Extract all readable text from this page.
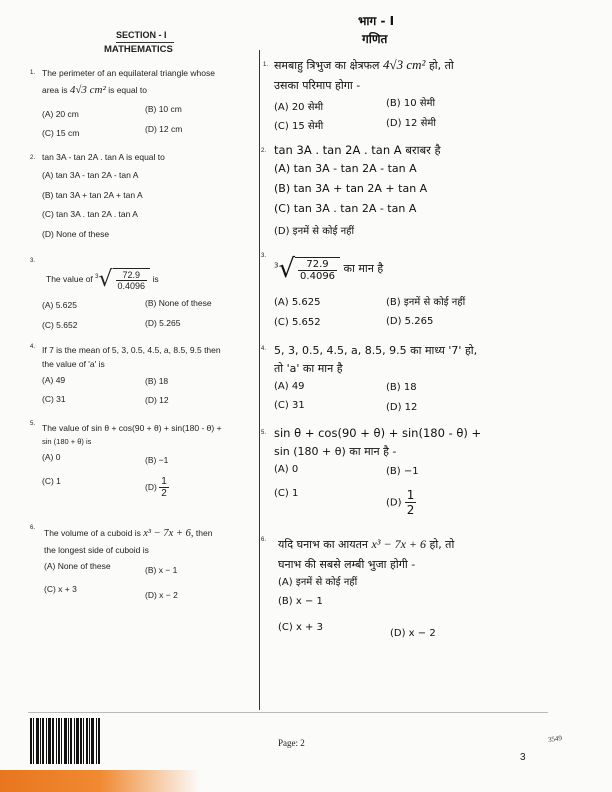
SECTION - I
MATHEMATICS
भाग - I
गणित
1. The perimeter of an equilateral triangle whose
area is 4√3 cm² is equal to
(A) 20 cm	(B) 10 cm
(C) 15 cm	(D) 12 cm
1. समबाहु त्रिभुज का क्षेत्रफल 4√3 cm² हो, तो
उसका परिमाप होगा -
(A) 20 सेमी	(B) 10 सेमी
(C) 15 सेमी	(D) 12 सेमी
2. tan 3A - tan 2A . tan A is equal to
(A) tan 3A - tan 2A - tan A
(B) tan 3A + tan 2A + tan A
(C) tan 3A . tan 2A . tan A
(D) None of these
2. tan 3A . tan 2A . tan A बराबर है
(A) tan 3A - tan 2A - tan A
(B) tan 3A + tan 2A + tan A
(C) tan 3A . tan 2A - tan A
(D) इनमें से कोई नहीं
3.
The value of $^3$ √ $\frac{72.9}{0.4096}$ is
(A) 5.625	(B) None of these
(C) 5.652	(D) 5.265
3.
$^3$ √ $\frac{72.9}{0.4096}$ का मान है
(A) 5.625	(B) इनमें से कोई नहीं
(C) 5.652	(D) 5.265
4. If 7 is the mean of 5, 3, 0.5, 4.5, a, 8.5, 9.5 then
the value of 'a' is
(A) 49	(B) 18
(C) 31	(D) 12
4. 5, 3, 0.5, 4.5, a, 8.5, 9.5 का माध्य '7' हो,
तो 'a' का मान है
(A) 49	(B) 18
(C) 31	(D) 12
5. The value of sin θ + cos(90 + θ) + sin(180 - θ) +
sin (180 + θ) is
(A) 0	(B) −1
(C) 1
$(D) \frac{1}{2}$
5. sin θ + cos(90 + θ) + sin(180 - θ) +
sin (180 + θ) का मान है -
(A) 0	(B) −1
(C) 1
$(D) \frac{1}{2}$
6. The volume of a cuboid is x³ − 7x + 6, then
the longest side of cuboid is
(A) None of these	(B) x − 1
(C) x + 3
(D) x − 2
6. यदि घनाभ का आयतन x³ − 7x + 6 हो, तो
घनाभ की सबसे लम्बी भुजा होगी -
(A) इनमें से कोई नहीं
(B) x − 1
(C) x + 3
(D) x − 2
Page: 2	3549
3
